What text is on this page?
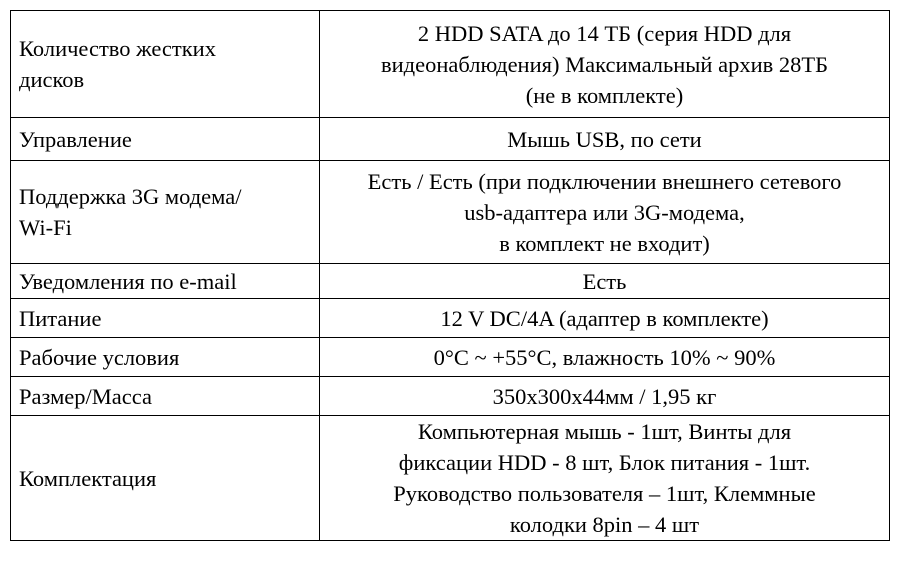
Количество жестких
дисков	2 HDD SATA до 14 ТБ (серия HDD для
видеонаблюдения) Максимальный архив 28ТБ
(не в комплекте)

Управление	Мышь USB, по сети

Поддержка 3G модема/
Wi-Fi	Есть / Есть (при подключении внешнего сетевого
usb-адаптера или 3G-модема,
в комплект не входит)

Уведомления по e-mail	Есть

Питание	12 V DC/4A (адаптер в комплекте)

Рабочие условия	0°C ~ +55°C, влажность 10% ~ 90%

Размер/Масса	350x300x44мм / 1,95 кг

Комплектация	Компьютерная мышь - 1шт, Винты для
фиксации HDD - 8 шт, Блок питания - 1шт.
Руководство пользователя – 1шт, Клеммные
колодки 8pin – 4 шт
